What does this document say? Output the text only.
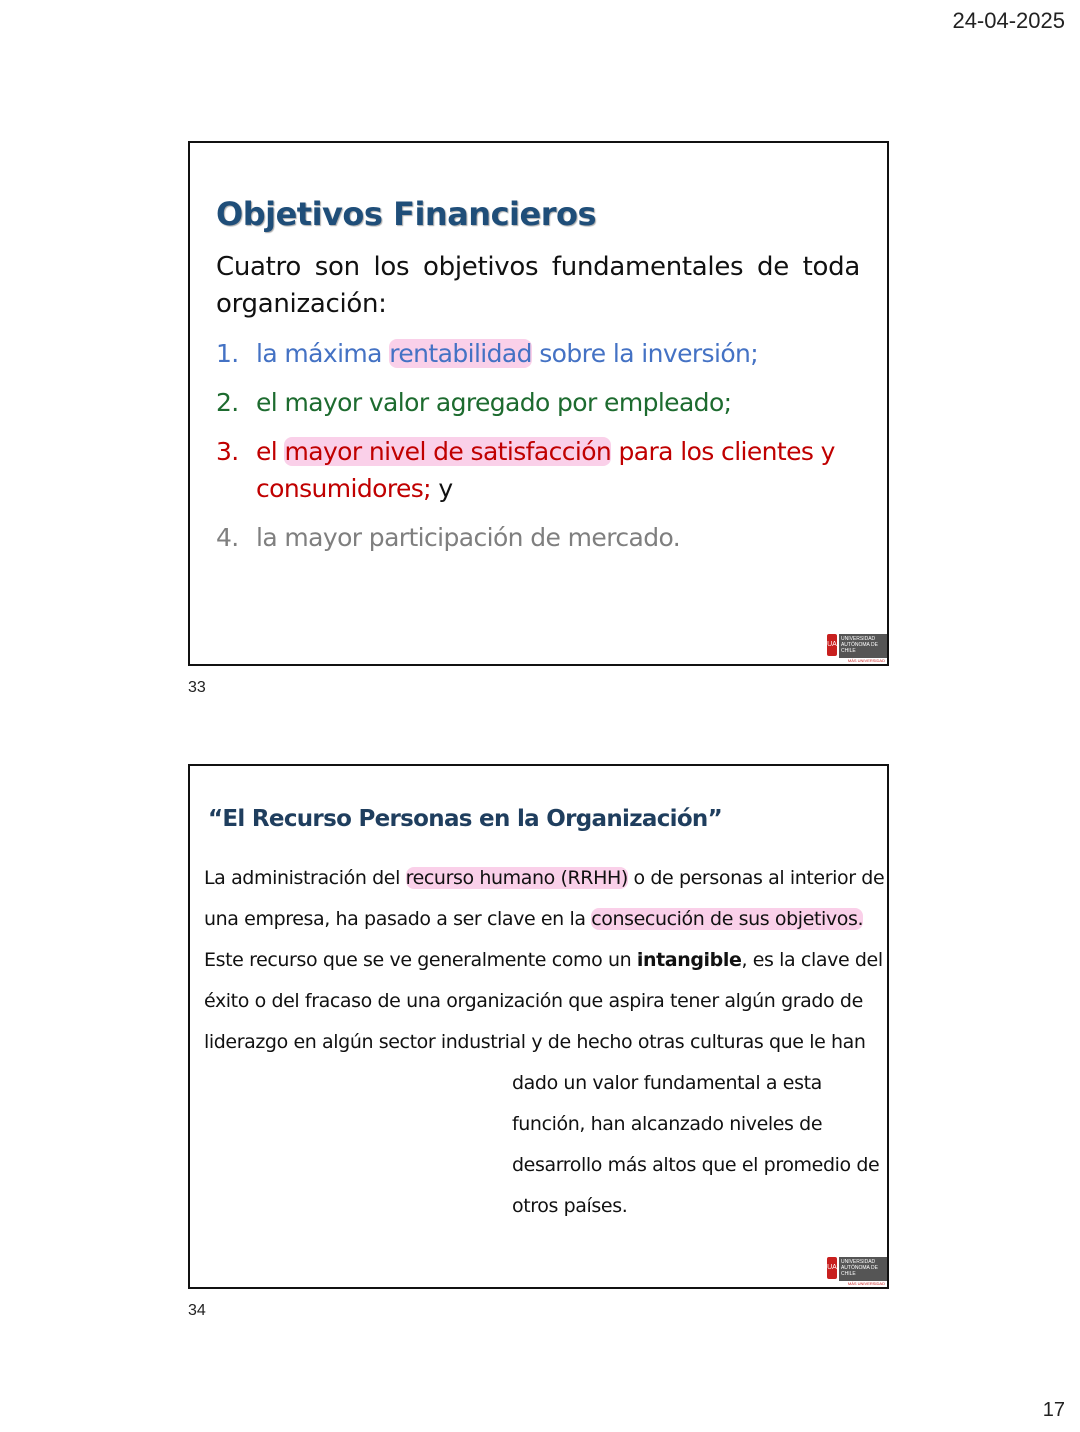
24-04-2025
Objetivos Financieros
Cuatro son los objetivos fundamentales de toda organización:
1. la máxima rentabilidad sobre la inversión;
2. el mayor valor agregado por empleado;
3. el mayor nivel de satisfacción para los clientes y
consumidores; y
4. la mayor participación de mercado.
UA
UNIVERSIDAD AUTÓNOMA DE CHILE
MÁS UNIVERSIDAD
33
“El Recurso Personas en la Organización”
La administración del recurso humano (RRHH) o de personas al interior de una empresa, ha pasado a ser clave en la consecución de sus objetivos. Este recurso que se ve generalmente como un intangible, es la clave del éxito o del fracaso de una organización que aspira tener algún grado de liderazgo en algún sector industrial y de hecho otras culturas que le han
dado un valor fundamental a esta
función, han alcanzado niveles de
desarrollo más altos que el promedio de
otros países.
UA
UNIVERSIDAD AUTÓNOMA DE CHILE
MÁS UNIVERSIDAD
34
17
